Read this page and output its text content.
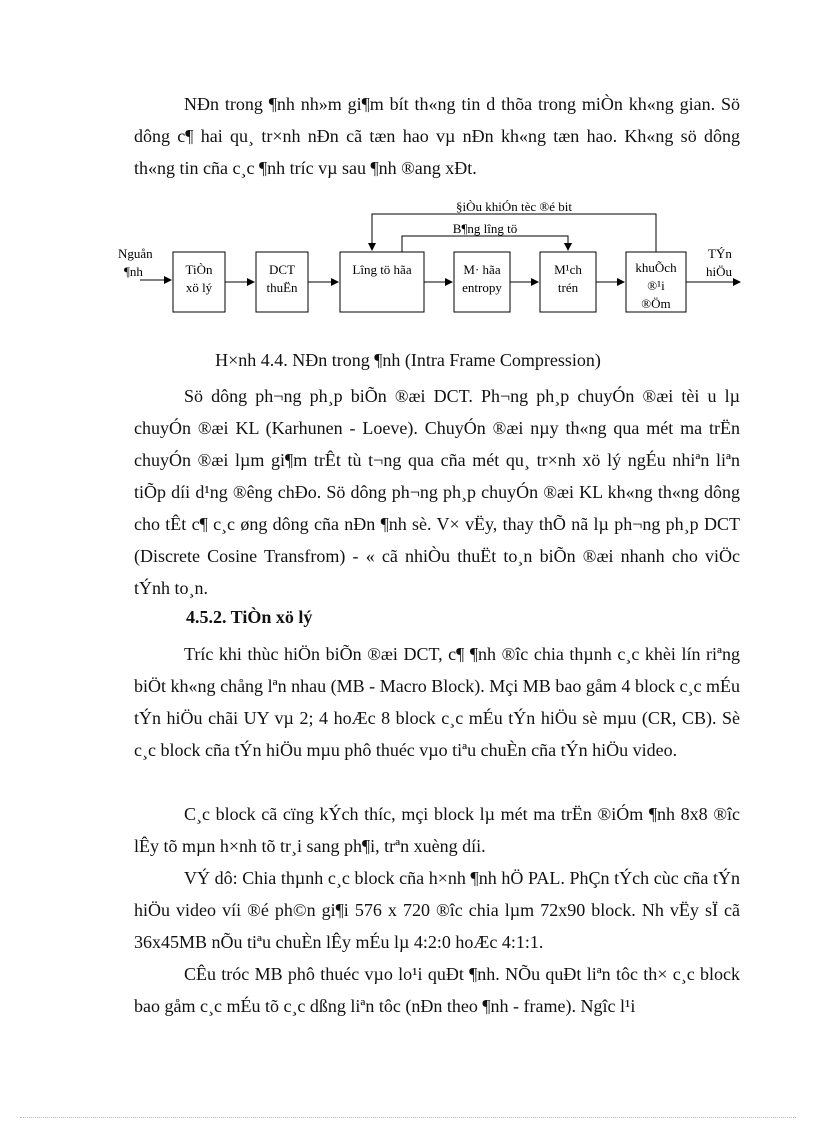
NÐn trong ¶nh nh»m gi¶m bít th«ng tin d thõa trong miÒn kh«ng gian. Sö dông c¶ hai qu¸ tr×nh nÐn cã tæn hao vµ nÐn kh«ng tæn hao. Kh«ng sö dông th«ng tin cña c¸c ¶nh tríc vµ sau ¶nh ®ang xÐt.

Nguån
¶nh	TiÒn
xö lý
DCT
thuËn
Lîng tö hãa	M· hãa
entropy
M¹ch
trén
khuÕch
®¹i
®Öm
TÝn
hiÖu
§iÒu khiÓn tèc ®é bit
B¶ng lîng tö

H×nh 4.4. NÐn trong ¶nh (Intra Frame Compression)

Sö dông ph¬ng ph¸p biÕn ®æi DCT. Ph¬ng ph¸p chuyÓn ®æi tèi u lµ chuyÓn ®æi KL (Karhunen - Loeve). ChuyÓn ®æi nµy th«ng qua mét ma trËn chuyÓn ®æi lµm gi¶m trÊt tù t¬ng qua cña mét qu¸ tr×nh xö lý ngÉu nhiªn liªn tiÕp díi d¹ng ®êng chÐo. Sö dông ph¬ng ph¸p chuyÓn ®æi KL kh«ng th«ng dông cho tÊt c¶ c¸c øng dông cña nÐn ¶nh sè. V× vËy, thay thÕ nã lµ ph¬ng ph¸p DCT (Discrete Cosine Transfrom) - « cã nhiÒu thuËt to¸n biÕn ®æi nhanh cho viÖc tÝnh to¸n.

4.5.2. TiÒn xö lý

Tríc khi thùc hiÖn biÕn ®æi DCT, c¶ ¶nh ®îc chia thµnh c¸c khèi lín riªng biÖt kh«ng chång lªn nhau (MB - Macro Block). Mçi MB bao gåm 4 block c¸c mÉu tÝn hiÖu chãi UY vµ 2; 4 hoÆc 8 block c¸c mÉu tÝn hiÖu sè mµu (CR, CB). Sè c¸c block cña tÝn hiÖu mµu phô thuéc vµo tiªu chuÈn cña tÝn hiÖu video.

C¸c block cã cïng kÝch thíc, mçi block lµ mét ma trËn ®iÓm ¶nh 8x8 ®îc lÊy tõ mµn h×nh tõ tr¸i sang ph¶i, trªn xuèng díi.

VÝ dô: Chia thµnh c¸c block cña h×nh ¶nh hÖ PAL. PhÇn tÝch cùc cña tÝn hiÖu video víi ®é ph©n gi¶i 576 x 720 ®îc chia lµm 72x90 block. Nh vËy sÏ cã 36x45MB nÕu tiªu chuÈn lÊy mÉu lµ 4:2:0 hoÆc 4:1:1.

CÊu tróc MB phô thuéc vµo lo¹i quÐt ¶nh. NÕu quÐt liªn tôc th× c¸c block bao gåm c¸c mÉu tõ c¸c dßng liªn tôc (nÐn theo ¶nh - frame). Ngîc l¹i
